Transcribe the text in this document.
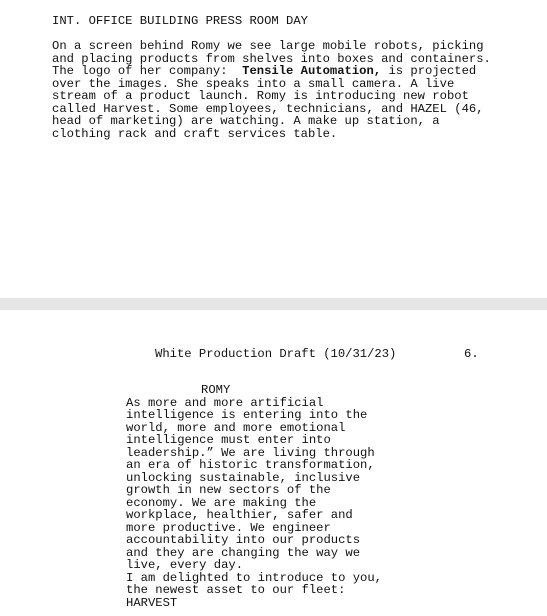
INT. OFFICE BUILDING PRESS ROOM DAY
On a screen behind Romy we see large mobile robots, picking
and placing products from shelves into boxes and containers.
The logo of her company:  Tensile Automation, is projected
over the images. She speaks into a small camera. A live
stream of a product launch. Romy is introducing new robot
called Harvest. Some employees, technicians, and HAZEL (46,
head of marketing) are watching. A make up station, a
clothing rack and craft services table.
White Production Draft (10/31/23)	6.
ROMY
As more and more artificial
intelligence is entering into the
world, more and more emotional
intelligence must enter into
leadership.” We are living through
an era of historic transformation,
unlocking sustainable, inclusive
growth in new sectors of the
economy. We are making the
workplace, healthier, safer and
more productive. We engineer
accountability into our products
and they are changing the way we
live, every day.
I am delighted to introduce to you,
the newest asset to our fleet:
HARVEST
